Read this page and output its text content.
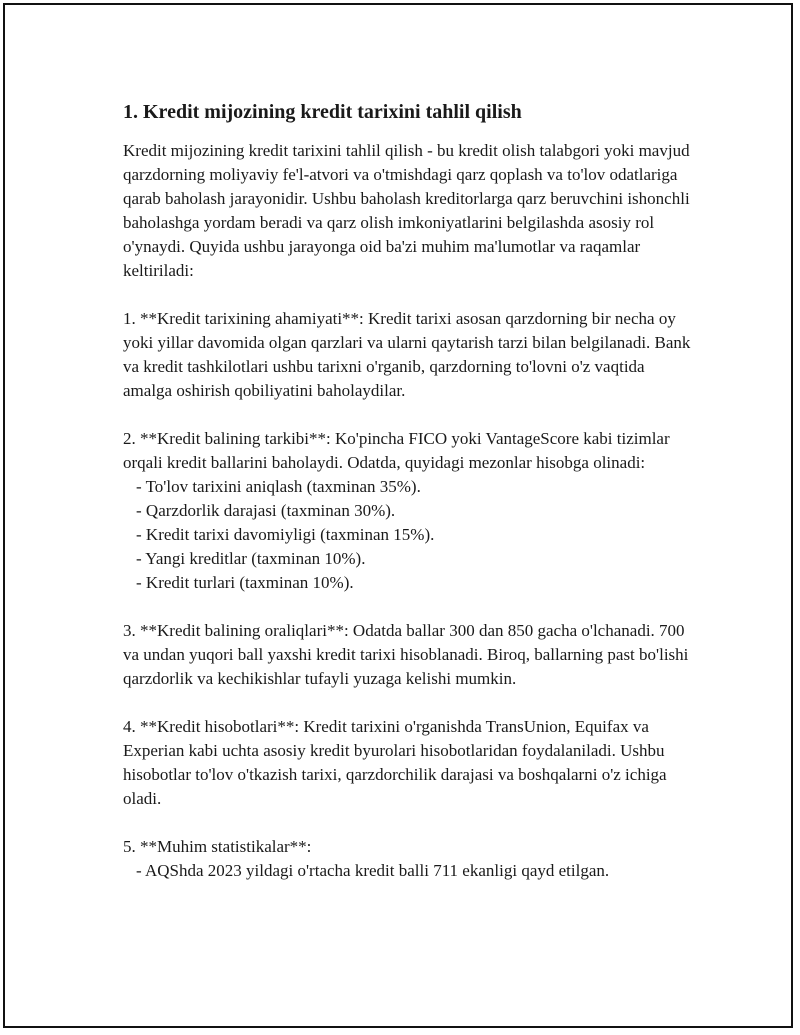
1. Kredit mijozining kredit tarixini tahlil qilish

Kredit mijozining kredit tarixini tahlil qilish - bu kredit olish talabgori yoki mavjud qarzdorning moliyaviy fe'l-atvori va o'tmishdagi qarz qoplash va to'lov odatlariga qarab baholash jarayonidir. Ushbu baholash kreditorlarga qarz beruvchini ishonchli baholashga yordam beradi va qarz olish imkoniyatlarini belgilashda asosiy rol o'ynaydi. Quyida ushbu jarayonga oid ba'zi muhim ma'lumotlar va raqamlar keltiriladi:

1. **Kredit tarixining ahamiyati**: Kredit tarixi asosan qarzdorning bir necha oy yoki yillar davomida olgan qarzlari va ularni qaytarish tarzi bilan belgilanadi. Bank va kredit tashkilotlari ushbu tarixni o'rganib, qarzdorning to'lovni o'z vaqtida amalga oshirish qobiliyatini baholaydilar.

2. **Kredit balining tarkibi**: Ko'pincha FICO yoki VantageScore kabi tizimlar orqali kredit ballarini baholaydi. Odatda, quyidagi mezonlar hisobga olinadi:

- To'lov tarixini aniqlash (taxminan 35%).

- Qarzdorlik darajasi (taxminan 30%).

- Kredit tarixi davomiyligi (taxminan 15%).

- Yangi kreditlar (taxminan 10%).

- Kredit turlari (taxminan 10%).

3. **Kredit balining oraliqlari**: Odatda ballar 300 dan 850 gacha o'lchanadi. 700 va undan yuqori ball yaxshi kredit tarixi hisoblanadi. Biroq, ballarning past bo'lishi qarzdorlik va kechikishlar tufayli yuzaga kelishi mumkin.

4. **Kredit hisobotlari**: Kredit tarixini o'rganishda TransUnion, Equifax va Experian kabi uchta asosiy kredit byurolari hisobotlaridan foydalaniladi. Ushbu hisobotlar to'lov o'tkazish tarixi, qarzdorchilik darajasi va boshqalarni o'z ichiga oladi.

5. **Muhim statistikalar**:

- AQShda 2023 yildagi o'rtacha kredit balli 711 ekanligi qayd etilgan.
